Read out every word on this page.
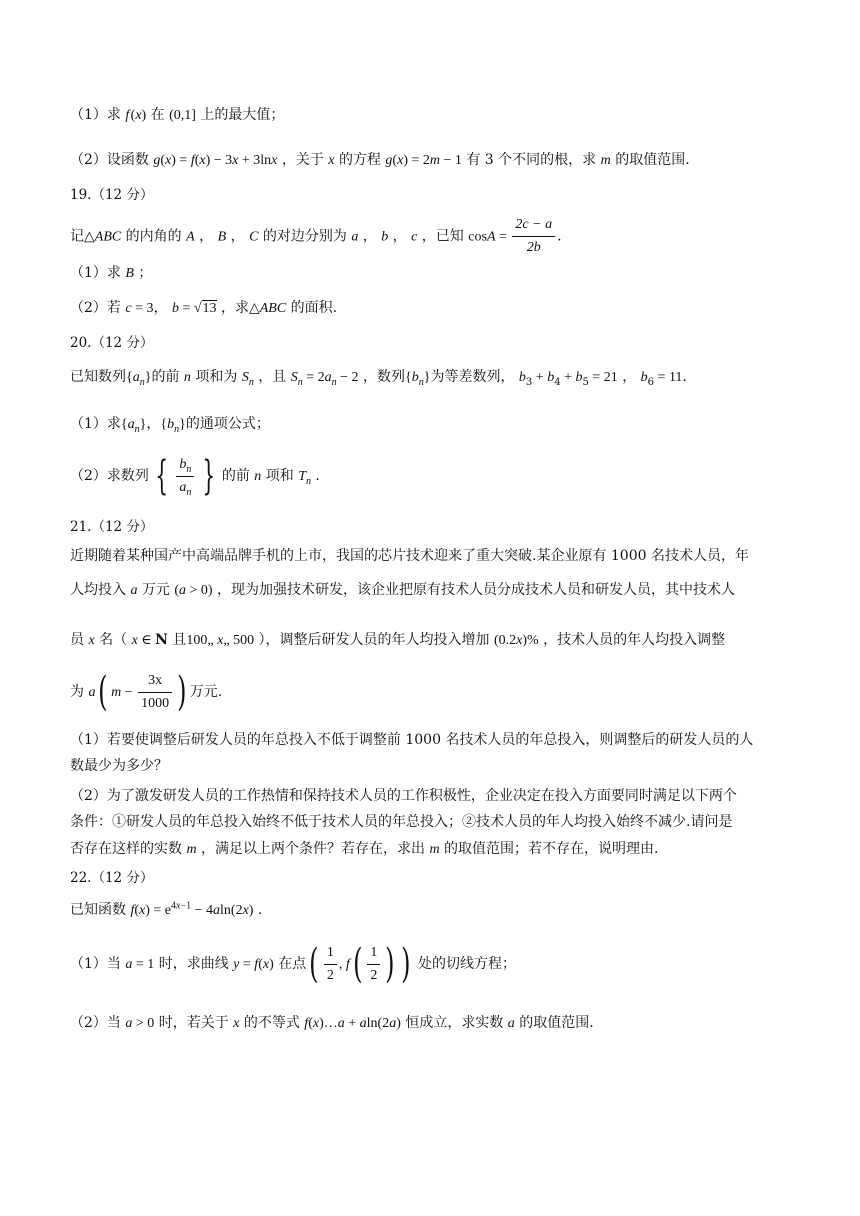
（1）求 f (x) 在 (0,1] 上的最大值；
（2）设函数 g(x) = f(x) − 3x + 3lnx ，关于 x 的方程 g(x) = 2m − 1 有 3 个不同的根，求 m 的取值范围.
19.（12 分）
记△ABC 的内角的 A ， B ， C 的对边分别为 a ， b ， c ，已知 $\cos A = \frac{2c - a}{2b}$ .
（1）求 B ；
（2）若 c = 3， b = √13 ，求△ABC 的面积.
20.（12 分）
已知数列$\{a_n\}$的前 n 项和为 $S_n$ ，且 $S_n = 2a_n - 2$ ，数列$\{b_n\}$为等差数列， $b_3 + b_4 + b_5 = 21$ ， $b_6 = 11$.
（1）求$\{a_n\}$，$\{b_n\}$的通项公式；
（2）求数列 { $\frac{b_n}{a_n}$ } 的前 n 项和 $T_n$ .
21.（12 分）
近期随着某种国产中高端品牌手机的上市，我国的芯片技术迎来了重大突破.某企业原有 1000 名技术人员，年
人均投入 a 万元 (a > 0) ，现为加强技术研发，该企业把原有技术人员分成技术人员和研发人员，其中技术人
员 x 名（ x ∈ N 且100„ x„ 500 ），调整后研发人员的年人均投入增加 (0.2x)% ，技术人员的年人均投入调整
为 a( $m - \frac{3x}{1000}$ ) 万元.
（1）若要使调整后研发人员的年总投入不低于调整前 1000 名技术人员的年总投入，则调整后的研发人员的人
数最少为多少？
（2）为了激发研发人员的工作热情和保持技术人员的工作积极性，企业决定在投入方面要同时满足以下两个
条件：①研发人员的年总投入始终不低于技术人员的年总投入；②技术人员的年人均投入始终不减少.请问是
否存在这样的实数 m ，满足以上两个条件？若存在，求出 m 的取值范围；若不存在，说明理由.
22.（12 分）
已知函数 $f(x) = e^{4x-1} - 4aln(2x)$ .
（1）当 a = 1 时，求曲线 y = f(x) 在点( $\frac{1}{2}$ , $f( \frac{1}{2}$ ) ) 处的切线方程；
（2）当 a > 0 时，若关于 x 的不等式 f(x)…a + aln(2a) 恒成立，求实数 a 的取值范围.
